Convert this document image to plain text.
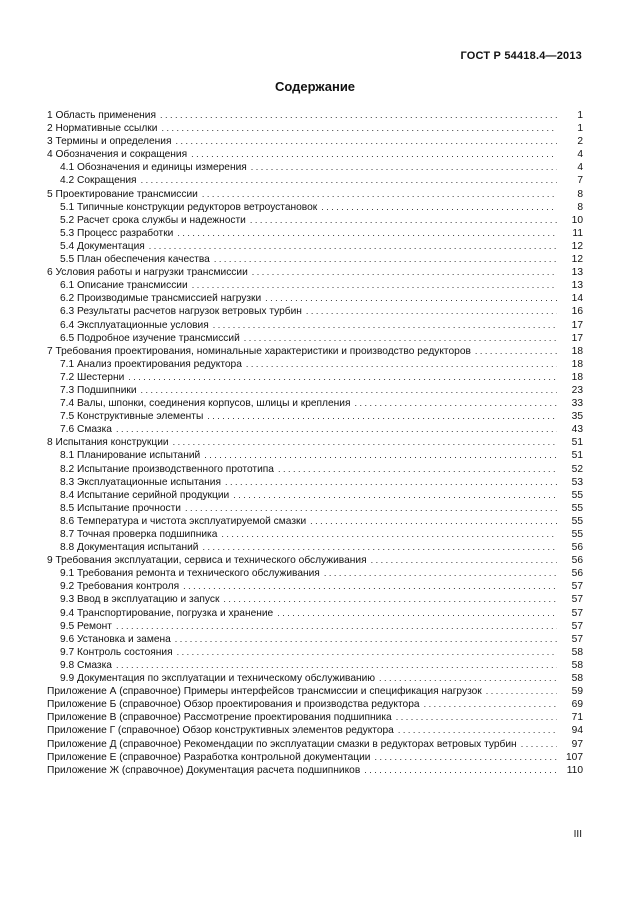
ГОСТ Р 54418.4—2013
Содержание
1 Область применения . . .	1
2 Нормативные ссылки . . .	1
3 Термины и определения . . .	2
4 Обозначения и сокращения . . .	4
4.1 Обозначения и единицы измерения . . .	4
4.2 Сокращения . . .	7
5 Проектирование трансмиссии . . .	8
5.1 Типичные конструкции редукторов ветроустановок . . .	8
5.2 Расчет срока службы и надежности . . .	10
5.3 Процесс разработки . . .	11
5.4 Документация . . .	12
5.5 План обеспечения качества . . .	12
6 Условия работы и нагрузки трансмиссии . . .	13
6.1 Описание трансмиссии . . .	13
6.2 Производимые трансмиссией нагрузки . . .	14
6.3 Результаты расчетов нагрузок ветровых турбин . . .	16
6.4 Эксплуатационные условия . . .	17
6.5 Подробное изучение трансмиссий . . .	17
7 Требования проектирования, номинальные характеристики и производство редукторов . . .	18
7.1 Анализ проектирования редуктора . . .	18
7.2 Шестерни . . .	18
7.3 Подшипники . . .	23
7.4 Валы, шпонки, соединения корпусов, шлицы и крепления . . .	33
7.5 Конструктивные элементы . . .	35
7.6 Смазка . . .	43
8 Испытания конструкции . . .	51
8.1 Планирование испытаний . . .	51
8.2 Испытание производственного прототипа . . .	52
8.3 Эксплуатационные испытания . . .	53
8.4 Испытание серийной продукции . . .	55
8.5 Испытание прочности . . .	55
8.6 Температура и чистота эксплуатируемой смазки . . .	55
8.7 Точная проверка подшипника . . .	55
8.8 Документация испытаний . . .	56
9 Требования эксплуатации, сервиса и технического обслуживания . . .	56
9.1 Требования ремонта и технического обслуживания . . .	56
9.2 Требования контроля . . .	57
9.3 Ввод в эксплуатацию и запуск . . .	57
9.4 Транспортирование, погрузка и хранение . . .	57
9.5 Ремонт . . .	57
9.6 Установка и замена . . .	57
9.7 Контроль состояния . . .	58
9.8 Смазка . . .	58
9.9 Документация по эксплуатации и техническому обслуживанию . . .	58
Приложение А (справочное) Примеры интерфейсов трансмиссии и спецификация нагрузок . . .	59
Приложение Б (справочное) Обзор проектирования и производства редуктора . . .	69
Приложение В (справочное) Рассмотрение проектирования подшипника . . .	71
Приложение Г (справочное) Обзор конструктивных элементов редуктора . . .	94
Приложение Д (справочное) Рекомендации по эксплуатации смазки в редукторах ветровых турбин . . .	97
Приложение Е (справочное) Разработка контрольной документации . . .	107
Приложение Ж (справочное) Документация расчета подшипников . . .	110
III
